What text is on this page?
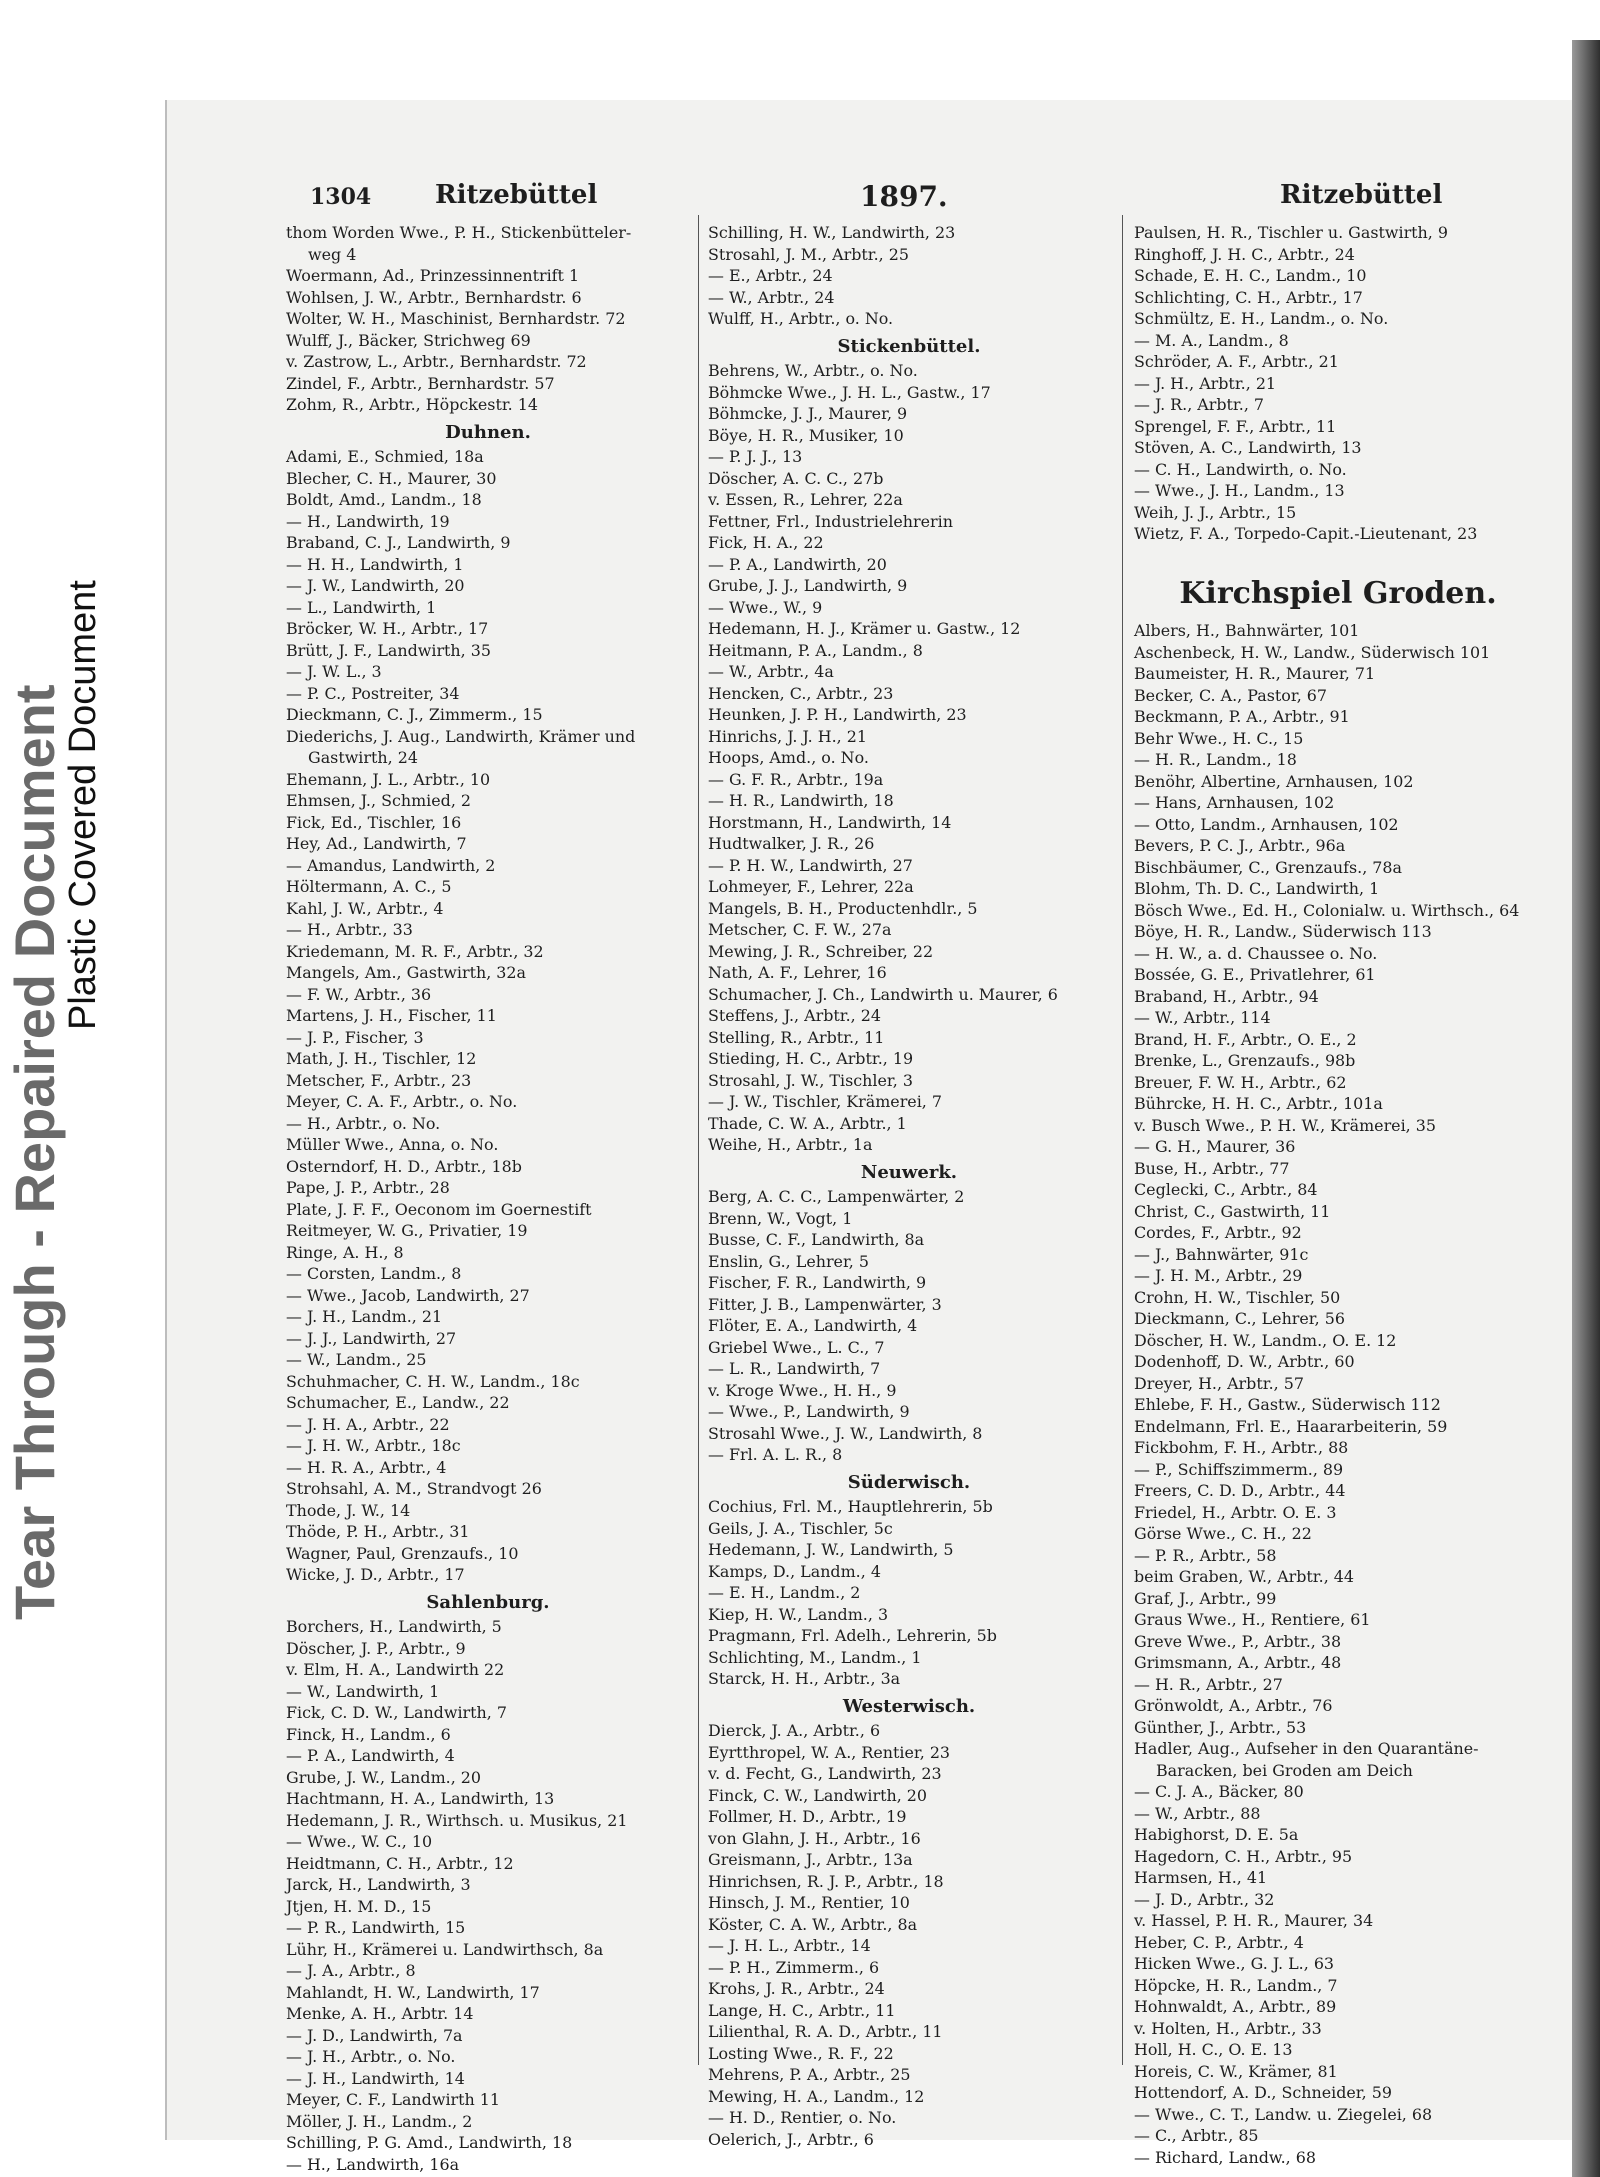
Tear Through - Repaired Document
Plastic Covered Document
1304 Ritzebüttel	1897.	Ritzebüttel
thom Worden Wwe., P. H., Stickenbütteler-
weg 4
Woermann, Ad., Prinzessinnentrift 1
Wohlsen, J. W., Arbtr., Bernhardstr. 6
Wolter, W. H., Maschinist, Bernhardstr. 72
Wulff, J., Bäcker, Strichweg 69
v. Zastrow, L., Arbtr., Bernhardstr. 72
Zindel, F., Arbtr., Bernhardstr. 57
Zohm, R., Arbtr., Höpckestr. 14
Duhnen.
Adami, E., Schmied, 18a
Blecher, C. H., Maurer, 30
Boldt, Amd., Landm., 18
— H., Landwirth, 19
Braband, C. J., Landwirth, 9
— H. H., Landwirth, 1
— J. W., Landwirth, 20
— L., Landwirth, 1
Bröcker, W. H., Arbtr., 17
Brütt, J. F., Landwirth, 35
— J. W. L., 3
— P. C., Postreiter, 34
Dieckmann, C. J., Zimmerm., 15
Diederichs, J. Aug., Landwirth, Krämer und
Gastwirth, 24
Ehemann, J. L., Arbtr., 10
Ehmsen, J., Schmied, 2
Fick, Ed., Tischler, 16
Hey, Ad., Landwirth, 7
— Amandus, Landwirth, 2
Höltermann, A. C., 5
Kahl, J. W., Arbtr., 4
— H., Arbtr., 33
Kriedemann, M. R. F., Arbtr., 32
Mangels, Am., Gastwirth, 32a
— F. W., Arbtr., 36
Martens, J. H., Fischer, 11
— J. P., Fischer, 3
Math, J. H., Tischler, 12
Metscher, F., Arbtr., 23
Meyer, C. A. F., Arbtr., o. No.
— H., Arbtr., o. No.
Müller Wwe., Anna, o. No.
Osterndorf, H. D., Arbtr., 18b
Pape, J. P., Arbtr., 28
Plate, J. F. F., Oeconom im Goernestift
Reitmeyer, W. G., Privatier, 19
Ringe, A. H., 8
— Corsten, Landm., 8
— Wwe., Jacob, Landwirth, 27
— J. H., Landm., 21
— J. J., Landwirth, 27
— W., Landm., 25
Schuhmacher, C. H. W., Landm., 18c
Schumacher, E., Landw., 22
— J. H. A., Arbtr., 22
— J. H. W., Arbtr., 18c
— H. R. A., Arbtr., 4
Strohsahl, A. M., Strandvogt 26
Thode, J. W., 14
Thöde, P. H., Arbtr., 31
Wagner, Paul, Grenzaufs., 10
Wicke, J. D., Arbtr., 17
Sahlenburg.
Borchers, H., Landwirth, 5
Döscher, J. P., Arbtr., 9
v. Elm, H. A., Landwirth 22
— W., Landwirth, 1
Fick, C. D. W., Landwirth, 7
Finck, H., Landm., 6
— P. A., Landwirth, 4
Grube, J. W., Landm., 20
Hachtmann, H. A., Landwirth, 13
Hedemann, J. R., Wirthsch. u. Musikus, 21
— Wwe., W. C., 10
Heidtmann, C. H., Arbtr., 12
Jarck, H., Landwirth, 3
Jtjen, H. M. D., 15
— P. R., Landwirth, 15
Lühr, H., Krämerei u. Landwirthsch, 8a
— J. A., Arbtr., 8
Mahlandt, H. W., Landwirth, 17
Menke, A. H., Arbtr. 14
— J. D., Landwirth, 7a
— J. H., Arbtr., o. No.
— J. H., Landwirth, 14
Meyer, C. F., Landwirth 11
Möller, J. H., Landm., 2
Schilling, P. G. Amd., Landwirth, 18
— H., Landwirth, 16a
Schilling, H. W., Landwirth, 23
Strosahl, J. M., Arbtr., 25
— E., Arbtr., 24
— W., Arbtr., 24
Wulff, H., Arbtr., o. No.
Stickenbüttel.
Behrens, W., Arbtr., o. No.
Böhmcke Wwe., J. H. L., Gastw., 17
Böhmcke, J. J., Maurer, 9
Böye, H. R., Musiker, 10
— P. J. J., 13
Döscher, A. C. C., 27b
v. Essen, R., Lehrer, 22a
Fettner, Frl., Industrielehrerin
Fick, H. A., 22
— P. A., Landwirth, 20
Grube, J. J., Landwirth, 9
— Wwe., W., 9
Hedemann, H. J., Krämer u. Gastw., 12
Heitmann, P. A., Landm., 8
— W., Arbtr., 4a
Hencken, C., Arbtr., 23
Heunken, J. P. H., Landwirth, 23
Hinrichs, J. J. H., 21
Hoops, Amd., o. No.
— G. F. R., Arbtr., 19a
— H. R., Landwirth, 18
Horstmann, H., Landwirth, 14
Hudtwalker, J. R., 26
— P. H. W., Landwirth, 27
Lohmeyer, F., Lehrer, 22a
Mangels, B. H., Productenhdlr., 5
Metscher, C. F. W., 27a
Mewing, J. R., Schreiber, 22
Nath, A. F., Lehrer, 16
Schumacher, J. Ch., Landwirth u. Maurer, 6
Steffens, J., Arbtr., 24
Stelling, R., Arbtr., 11
Stieding, H. C., Arbtr., 19
Strosahl, J. W., Tischler, 3
— J. W., Tischler, Krämerei, 7
Thade, C. W. A., Arbtr., 1
Weihe, H., Arbtr., 1a
Neuwerk.
Berg, A. C. C., Lampenwärter, 2
Brenn, W., Vogt, 1
Busse, C. F., Landwirth, 8a
Enslin, G., Lehrer, 5
Fischer, F. R., Landwirth, 9
Fitter, J. B., Lampenwärter, 3
Flöter, E. A., Landwirth, 4
Griebel Wwe., L. C., 7
— L. R., Landwirth, 7
v. Kroge Wwe., H. H., 9
— Wwe., P., Landwirth, 9
Strosahl Wwe., J. W., Landwirth, 8
— Frl. A. L. R., 8
Süderwisch.
Cochius, Frl. M., Hauptlehrerin, 5b
Geils, J. A., Tischler, 5c
Hedemann, J. W., Landwirth, 5
Kamps, D., Landm., 4
— E. H., Landm., 2
Kiep, H. W., Landm., 3
Pragmann, Frl. Adelh., Lehrerin, 5b
Schlichting, M., Landm., 1
Starck, H. H., Arbtr., 3a
Westerwisch.
Dierck, J. A., Arbtr., 6
Eyrtthropel, W. A., Rentier, 23
v. d. Fecht, G., Landwirth, 23
Finck, C. W., Landwirth, 20
Follmer, H. D., Arbtr., 19
von Glahn, J. H., Arbtr., 16
Greismann, J., Arbtr., 13a
Hinrichsen, R. J. P., Arbtr., 18
Hinsch, J. M., Rentier, 10
Köster, C. A. W., Arbtr., 8a
— J. H. L., Arbtr., 14
— P. H., Zimmerm., 6
Krohs, J. R., Arbtr., 24
Lange, H. C., Arbtr., 11
Lilienthal, R. A. D., Arbtr., 11
Losting Wwe., R. F., 22
Mehrens, P. A., Arbtr., 25
Mewing, H. A., Landm., 12
— H. D., Rentier, o. No.
Oelerich, J., Arbtr., 6
Paulsen, H. R., Tischler u. Gastwirth, 9
Ringhoff, J. H. C., Arbtr., 24
Schade, E. H. C., Landm., 10
Schlichting, C. H., Arbtr., 17
Schmültz, E. H., Landm., o. No.
— M. A., Landm., 8
Schröder, A. F., Arbtr., 21
— J. H., Arbtr., 21
— J. R., Arbtr., 7
Sprengel, F. F., Arbtr., 11
Stöven, A. C., Landwirth, 13
— C. H., Landwirth, o. No.
— Wwe., J. H., Landm., 13
Weih, J. J., Arbtr., 15
Wietz, F. A., Torpedo-Capit.-Lieutenant, 23
Kirchspiel Groden.
Albers, H., Bahnwärter, 101
Aschenbeck, H. W., Landw., Süderwisch 101
Baumeister, H. R., Maurer, 71
Becker, C. A., Pastor, 67
Beckmann, P. A., Arbtr., 91
Behr Wwe., H. C., 15
— H. R., Landm., 18
Benöhr, Albertine, Arnhausen, 102
— Hans, Arnhausen, 102
— Otto, Landm., Arnhausen, 102
Bevers, P. C. J., Arbtr., 96a
Bischbäumer, C., Grenzaufs., 78a
Blohm, Th. D. C., Landwirth, 1
Bösch Wwe., Ed. H., Colonialw. u. Wirthsch., 64
Böye, H. R., Landw., Süderwisch 113
— H. W., a. d. Chaussee o. No.
Bossée, G. E., Privatlehrer, 61
Braband, H., Arbtr., 94
— W., Arbtr., 114
Brand, H. F., Arbtr., O. E., 2
Brenke, L., Grenzaufs., 98b
Breuer, F. W. H., Arbtr., 62
Bührcke, H. H. C., Arbtr., 101a
v. Busch Wwe., P. H. W., Krämerei, 35
— G. H., Maurer, 36
Buse, H., Arbtr., 77
Ceglecki, C., Arbtr., 84
Christ, C., Gastwirth, 11
Cordes, F., Arbtr., 92
— J., Bahnwärter, 91c
— J. H. M., Arbtr., 29
Crohn, H. W., Tischler, 50
Dieckmann, C., Lehrer, 56
Döscher, H. W., Landm., O. E. 12
Dodenhoff, D. W., Arbtr., 60
Dreyer, H., Arbtr., 57
Ehlebe, F. H., Gastw., Süderwisch 112
Endelmann, Frl. E., Haararbeiterin, 59
Fickbohm, F. H., Arbtr., 88
— P., Schiffszimmerm., 89
Freers, C. D. D., Arbtr., 44
Friedel, H., Arbtr. O. E. 3
Görse Wwe., C. H., 22
— P. R., Arbtr., 58
beim Graben, W., Arbtr., 44
Graf, J., Arbtr., 99
Graus Wwe., H., Rentiere, 61
Greve Wwe., P., Arbtr., 38
Grimsmann, A., Arbtr., 48
— H. R., Arbtr., 27
Grönwoldt, A., Arbtr., 76
Günther, J., Arbtr., 53
Hadler, Aug., Aufseher in den Quarantäne-
Baracken, bei Groden am Deich
— C. J. A., Bäcker, 80
— W., Arbtr., 88
Habighorst, D. E. 5a
Hagedorn, C. H., Arbtr., 95
Harmsen, H., 41
— J. D., Arbtr., 32
v. Hassel, P. H. R., Maurer, 34
Heber, C. P., Arbtr., 4
Hicken Wwe., G. J. L., 63
Höpcke, H. R., Landm., 7
Hohnwaldt, A., Arbtr., 89
v. Holten, H., Arbtr., 33
Holl, H. C., O. E. 13
Horeis, C. W., Krämer, 81
Hottendorf, A. D., Schneider, 59
— Wwe., C. T., Landw. u. Ziegelei, 68
— C., Arbtr., 85
— Richard, Landw., 68
